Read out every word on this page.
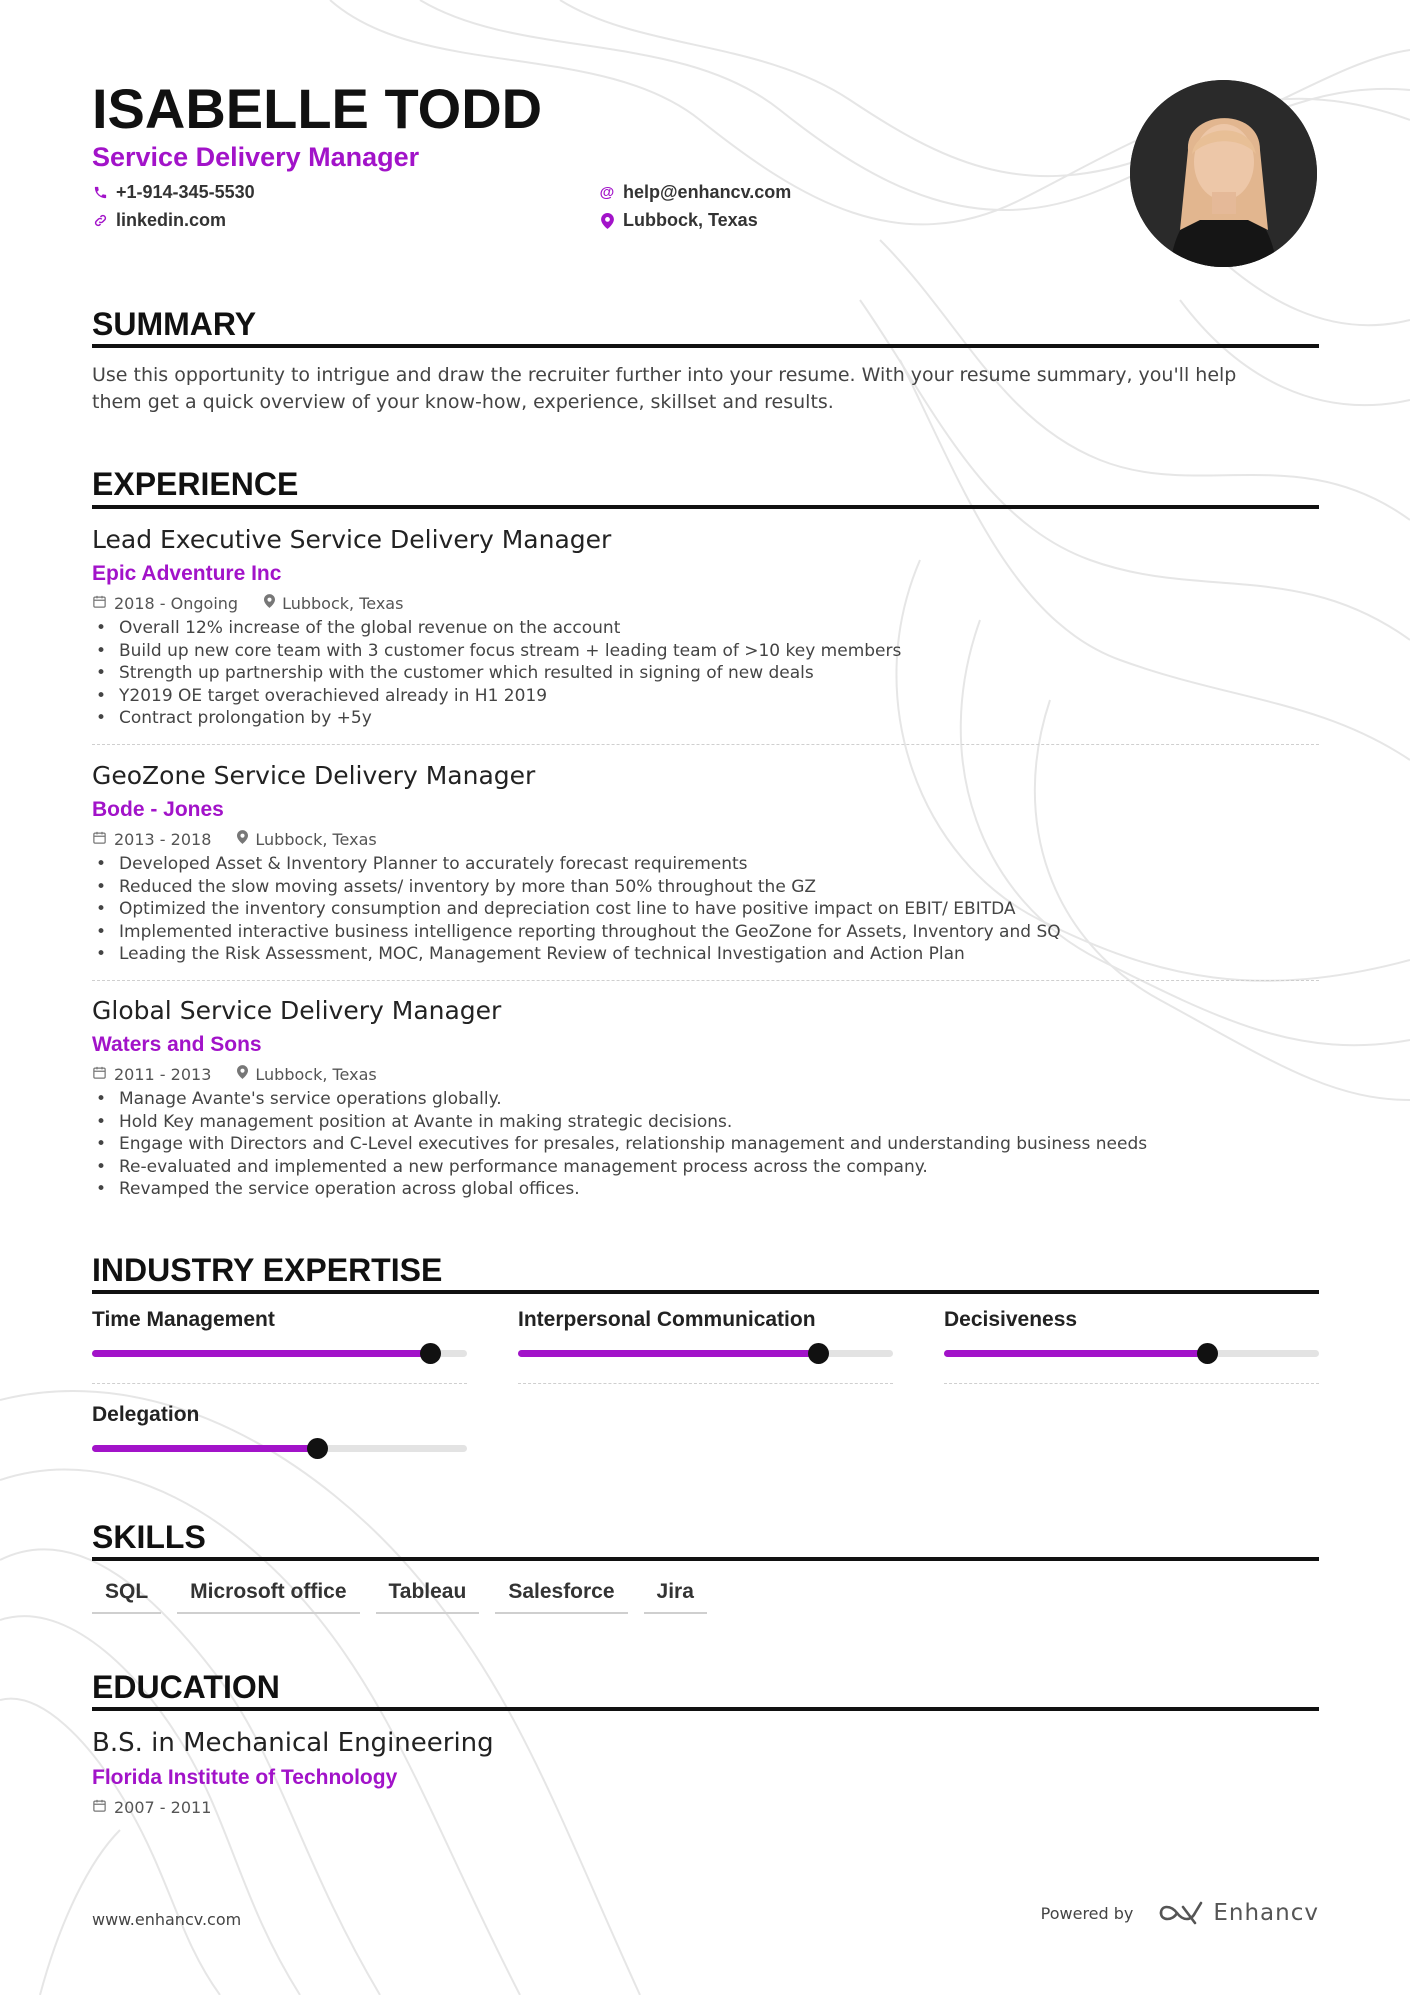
ISABELLE TODD
Service Delivery Manager
+1-914-345-5530
linkedin.com
@ help@enhancv.com
Lubbock, Texas
SUMMARY
Use this opportunity to intrigue and draw the recruiter further into your resume. With your resume summary, you'll help
them get a quick overview of your know-how, experience, skillset and results.
EXPERIENCE
Lead Executive Service Delivery Manager
Epic Adventure Inc
2018 - Ongoing	Lubbock, Texas
• Overall 12% increase of the global revenue on the account
• Build up new core team with 3 customer focus stream + leading team of >10 key members
• Strength up partnership with the customer which resulted in signing of new deals
• Y2019 OE target overachieved already in H1 2019
• Contract prolongation by +5y
GeoZone Service Delivery Manager
Bode - Jones
2013 - 2018	Lubbock, Texas
• Developed Asset & Inventory Planner to accurately forecast requirements
• Reduced the slow moving assets/ inventory by more than 50% throughout the GZ
• Optimized the inventory consumption and depreciation cost line to have positive impact on EBIT/ EBITDA
• Implemented interactive business intelligence reporting throughout the GeoZone for Assets, Inventory and SQ
• Leading the Risk Assessment, MOC, Management Review of technical Investigation and Action Plan
Global Service Delivery Manager
Waters and Sons
2011 - 2013	Lubbock, Texas
• Manage Avante's service operations globally.
• Hold Key management position at Avante in making strategic decisions.
• Engage with Directors and C-Level executives for presales, relationship management and understanding business needs
• Re-evaluated and implemented a new performance management process across the company.
• Revamped the service operation across global offices.
INDUSTRY EXPERTISE
Time Management	Interpersonal Communication	Decisiveness
Delegation
SKILLS
SQL	Microsoft office	Tableau	Salesforce	Jira
EDUCATION
B.S. in Mechanical Engineering
Florida Institute of Technology
2007 - 2011
www.enhancv.com	Powered by	Enhancv
